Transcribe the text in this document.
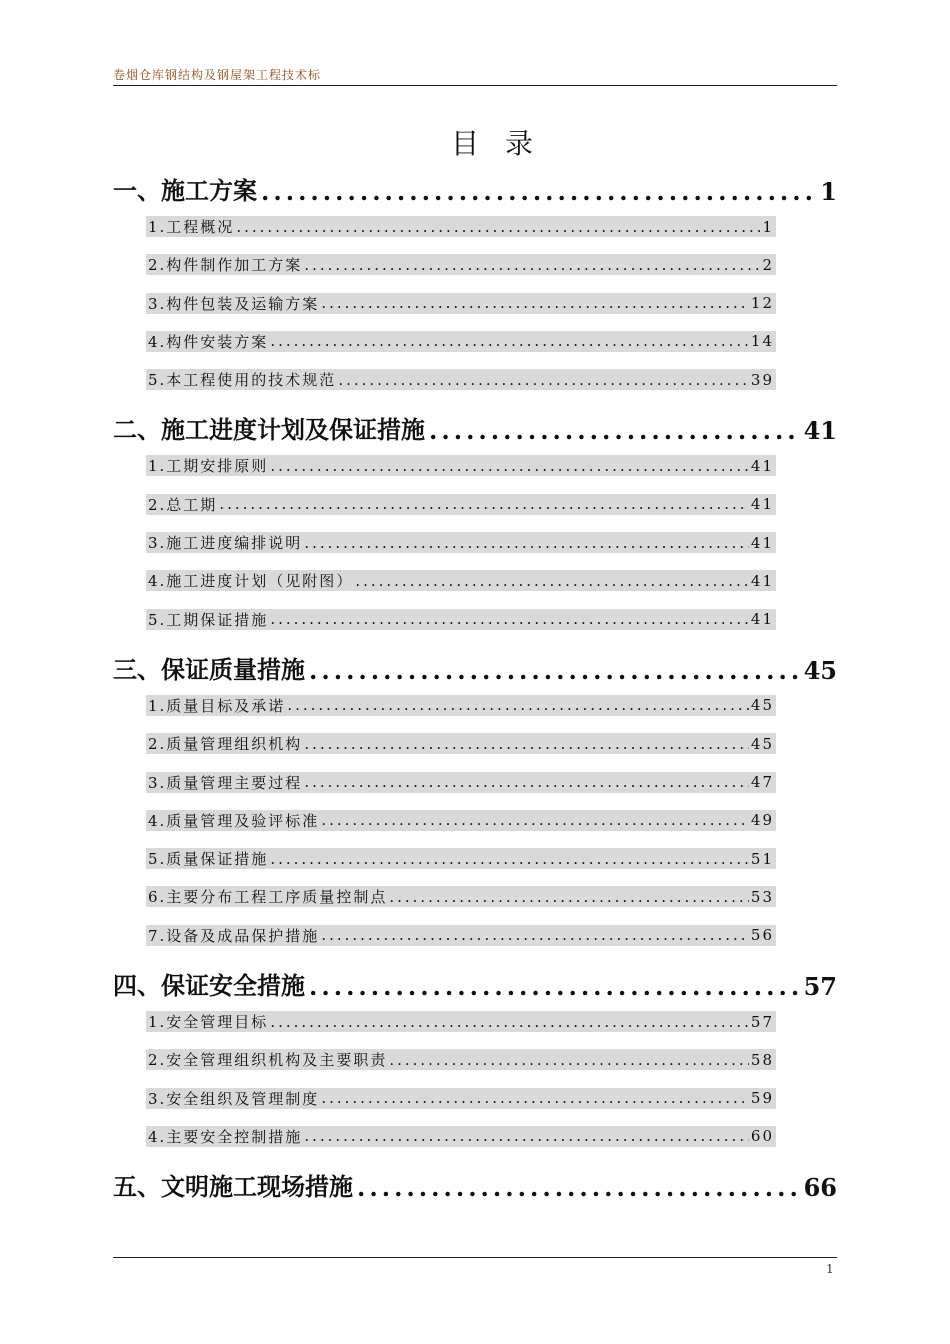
卷烟仓库钢结构及钢屋架工程技术标
目录
一、施工方案 .....	1
1.工程概况 .....	1
2.构件制作加工方案 .....	2
3.构件包装及运输方案 .....	12
4.构件安装方案 .....	14
5.本工程使用的技术规范 .....	39
二、施工进度计划及保证措施 .....	41
1.工期安排原则 .....	41
2.总工期 .....	41
3.施工进度编排说明 .....	41
4.施工进度计划（见附图） .....	41
5.工期保证措施 .....	41
三、保证质量措施 .....	45
1.质量目标及承诺 .....	45
2.质量管理组织机构 .....	45
3.质量管理主要过程 .....	47
4.质量管理及验评标准 .....	49
5.质量保证措施 .....	51
6.主要分布工程工序质量控制点 .....	53
7.设备及成品保护措施 .....	56
四、保证安全措施 .....	57
1.安全管理目标 .....	57
2.安全管理组织机构及主要职责 .....	58
3.安全组织及管理制度 .....	59
4.主要安全控制措施 .....	60
五、文明施工现场措施 .....	66
1
